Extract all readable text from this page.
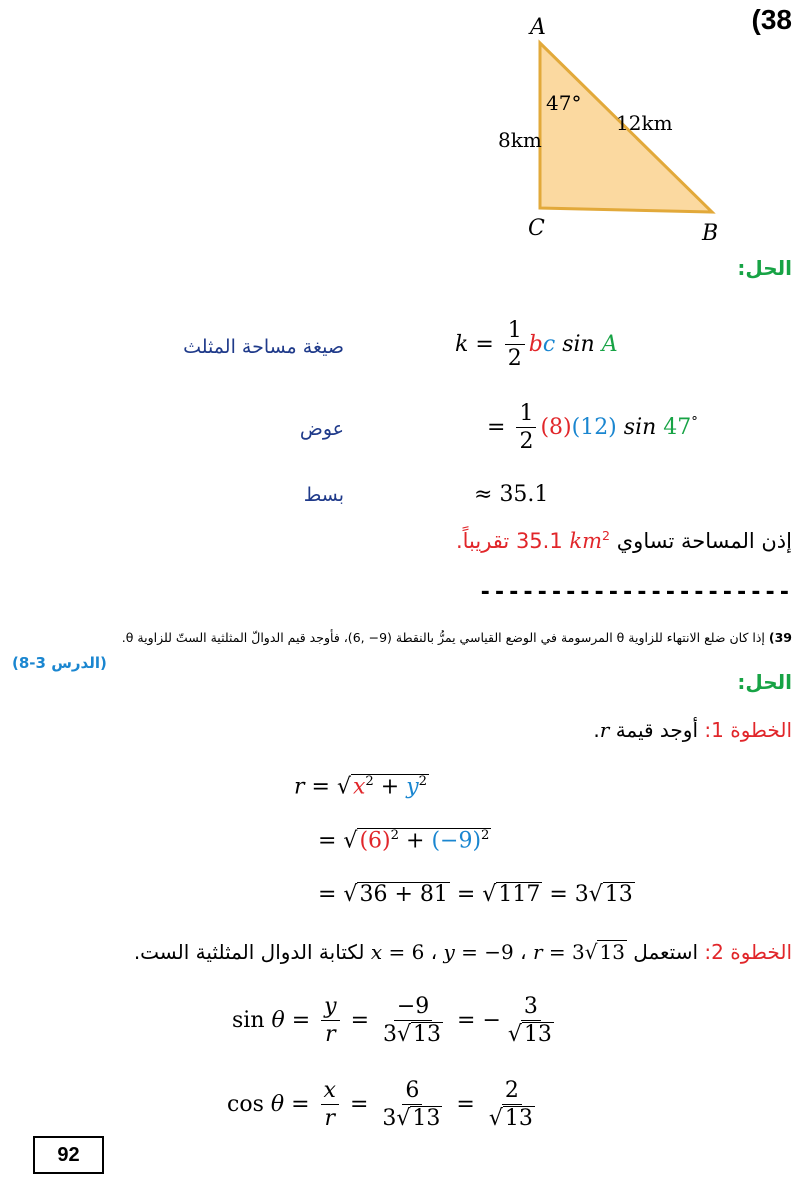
(38
A
C	B
47°
12km
8km
الحل:
$k = \frac{1}{2}$ bc sin A
صيغة مساحة المثلث
= $\frac{1}{2} (8)(12)$ sin 47°
عوض
≈ 35.1
بسط
إذن المساحة تساوي 35.1 $km^2$ تقريباً.
----------------------
39) إذا كان ضلع الانتهاء للزاوية θ المرسومة في الوضع القياسي يمرُّ بالنقطة (9− ,6)، فأوجد قيم الدوالّ المثلثية الستّ للزاوية θ.
(الدرس 3-8)
الحل:
الخطوة 1: أوجد قيمة r.
$r = √x^2 + y^2$
= $√(6)^2 + (-9)^2$
= √36 + 81 = √117 = 3√13
الخطوة 2: استعمل r = 3√ 13 ، y = −9 ، x = 6 لكتابة الدوال المثلثية الست.
$\sin \theta = \frac{y}{r} = \frac{-9}{3√13}$ = − $\frac{3}{√13}$
$\cos \theta = \frac{x}{r} = \frac{6}{3√13} = \frac{2}{√13}$
92
